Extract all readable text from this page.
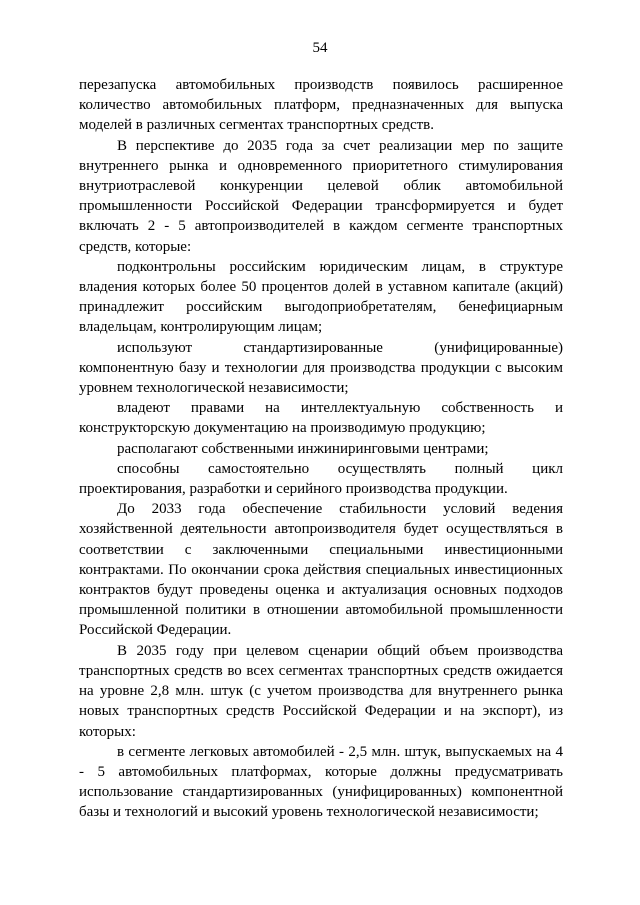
54

перезапуска автомобильных производств появилось расширенное количество автомобильных платформ, предназначенных для выпуска моделей в различных сегментах транспортных средств.

В перспективе до 2035 года за счет реализации мер по защите внутреннего рынка и одновременного приоритетного стимулирования внутриотраслевой конкуренции целевой облик автомобильной промышленности Российской Федерации трансформируется и будет включать 2 - 5 автопроизводителей в каждом сегменте транспортных средств, которые:

подконтрольны российским юридическим лицам, в структуре владения которых более 50 процентов долей в уставном капитале (акций) принадлежит российским выгодоприобретателям, бенефициарным владельцам, контролирующим лицам;

используют стандартизированные (унифицированные) компонентную базу и технологии для производства продукции с высоким уровнем технологической независимости;

владеют правами на интеллектуальную собственность и конструкторскую документацию на производимую продукцию;

располагают собственными инжиниринговыми центрами;

способны самостоятельно осуществлять полный цикл проектирования, разработки и серийного производства продукции.

До 2033 года обеспечение стабильности условий ведения хозяйственной деятельности автопроизводителя будет осуществляться в соответствии с заключенными специальными инвестиционными контрактами. По окончании срока действия специальных инвестиционных контрактов будут проведены оценка и актуализация основных подходов промышленной политики в отношении автомобильной промышленности Российской Федерации.

В 2035 году при целевом сценарии общий объем производства транспортных средств во всех сегментах транспортных средств ожидается на уровне 2,8 млн. штук (с учетом производства для внутреннего рынка новых транспортных средств Российской Федерации и на экспорт), из которых:

в сегменте легковых автомобилей - 2,5 млн. штук, выпускаемых на 4 - 5 автомобильных платформах, которые должны предусматривать использование стандартизированных (унифицированных) компонентной базы и технологий и высокий уровень технологической независимости;
